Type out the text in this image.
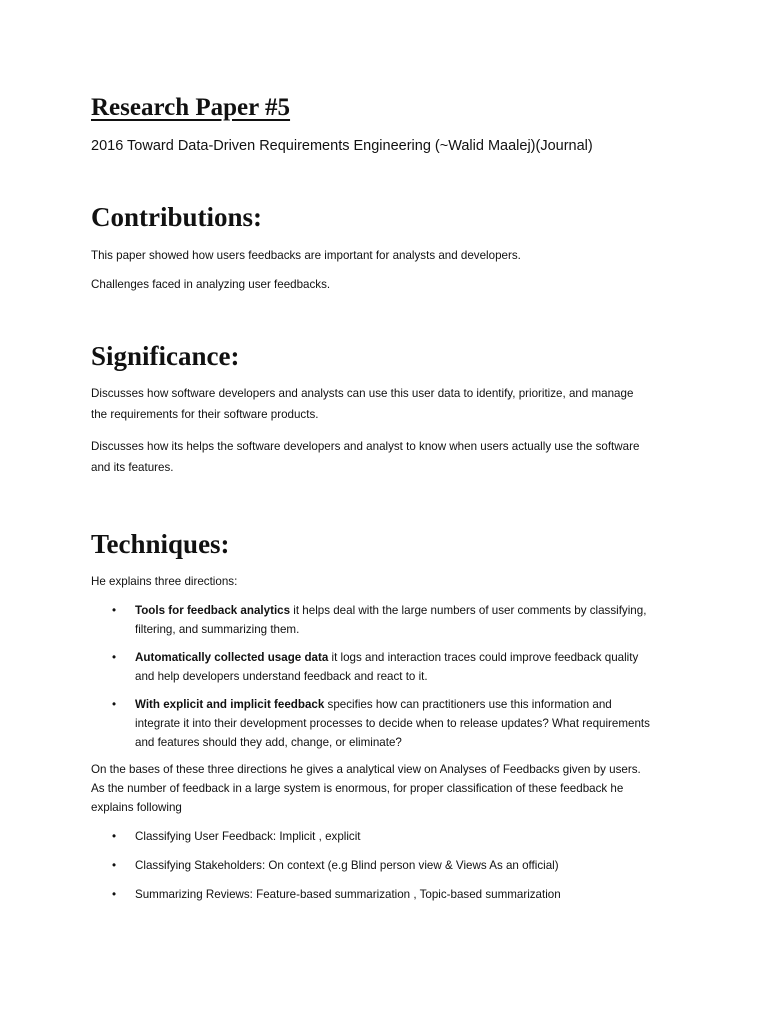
Research Paper #5

2016 Toward Data-Driven Requirements Engineering (~Walid Maalej)(Journal)

Contributions:

This paper showed how users feedbacks are important for analysts and developers.

Challenges faced in analyzing user feedbacks.

Significance:

Discusses how software developers and analysts can use this user data to identify, prioritize, and manage the requirements for their software products.

Discusses how its helps the software developers and analyst to know when users actually use the software and its features.

Techniques:

He explains three directions:

• Tools for feedback analytics it helps deal with the large numbers of user comments by classifying, filtering, and summarizing them.
• Automatically collected usage data it logs and interaction traces could improve feedback quality and help developers understand feedback and react to it.
• With explicit and implicit feedback specifies how can practitioners use this information and integrate it into their development processes to decide when to release updates? What requirements and features should they add, change, or eliminate?

On the bases of these three directions he gives a analytical view on Analyses of Feedbacks given by users. As the number of feedback in a large system is enormous, for proper classification of these feedback he explains following

• Classifying User Feedback: Implicit , explicit
• Classifying Stakeholders: On context (e.g Blind person view & Views As an official)
• Summarizing Reviews: Feature-based summarization , Topic-based summarization
